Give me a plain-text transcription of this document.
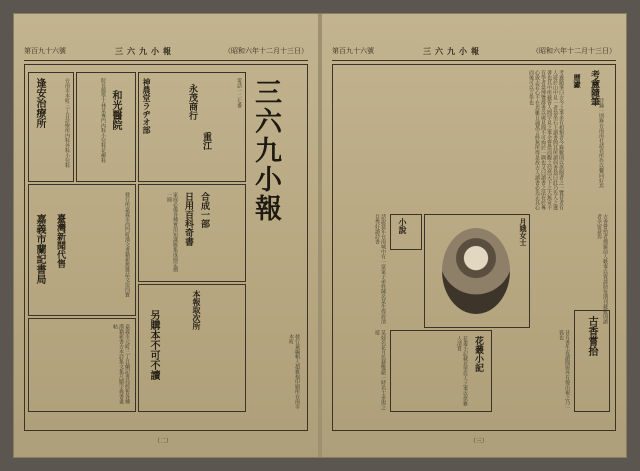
第百九十六號	三六九小報	（昭和六年十二月十三日）
三六九小報
逢安治療所	台南市本町三丁目診療所内科外科小兒科	和光醫院
院長醫學士林某專門內科小兒科花柳科	神農堂ラヂオ部	永茂商行
重江
電話一二七番
合成一部
日用百科奇書
家庭必備各種實用知識匯集成冊定價一圓
嘉義市蘭記書局 臺灣新聞代售	發行所嘉義市西門町漢文書籍新舊雜誌文房四寶
本報取次所
另購本不可不讀
嘉義市元町三丁目蘭記書局經售各種漢籍新書古本詩集文集尺牘字典書畫帖
發行兼編輯人趙雅福印刷所台南市本町
（二）
第百九十六號	三六九小報	（昭和六年十二月十三日）
考盦隨筆
曆讞
考盦隨筆曰古今之事多有相類者今錄數則以供閱者之一覽昔者有人遊於山中見一老翁坐石上讀書問其所讀何書翁曰此乃先人之遺著也其中所載皆人間罕見之事余嘗借而觀之信然天下之大無奇不有學者當博覽群書以廣見聞不可拘於一隅也又曰讀書之法在於專心致志若心不在焉雖日誦萬言終無所得是故古人讀書必先正其心而後可以言學也
詩鐘一則錄台南南社諸君所作以饗同好焉
月娥女士
小說
話說當年台南城中有一富家子弟姓陳名某生得眉清目秀好讀詩書	古香嘗拾者搜羅前人軼事以資談助每期刊載數則讀者幸留意焉
花叢小記
某妓名花月色藝雙絕一時名士多與之遊
花叢小記載北里佳人之事以供雅人清賞	古香嘗拾
昔有書生夜讀聞窗外有聲出視之乃一狐也
（三）
